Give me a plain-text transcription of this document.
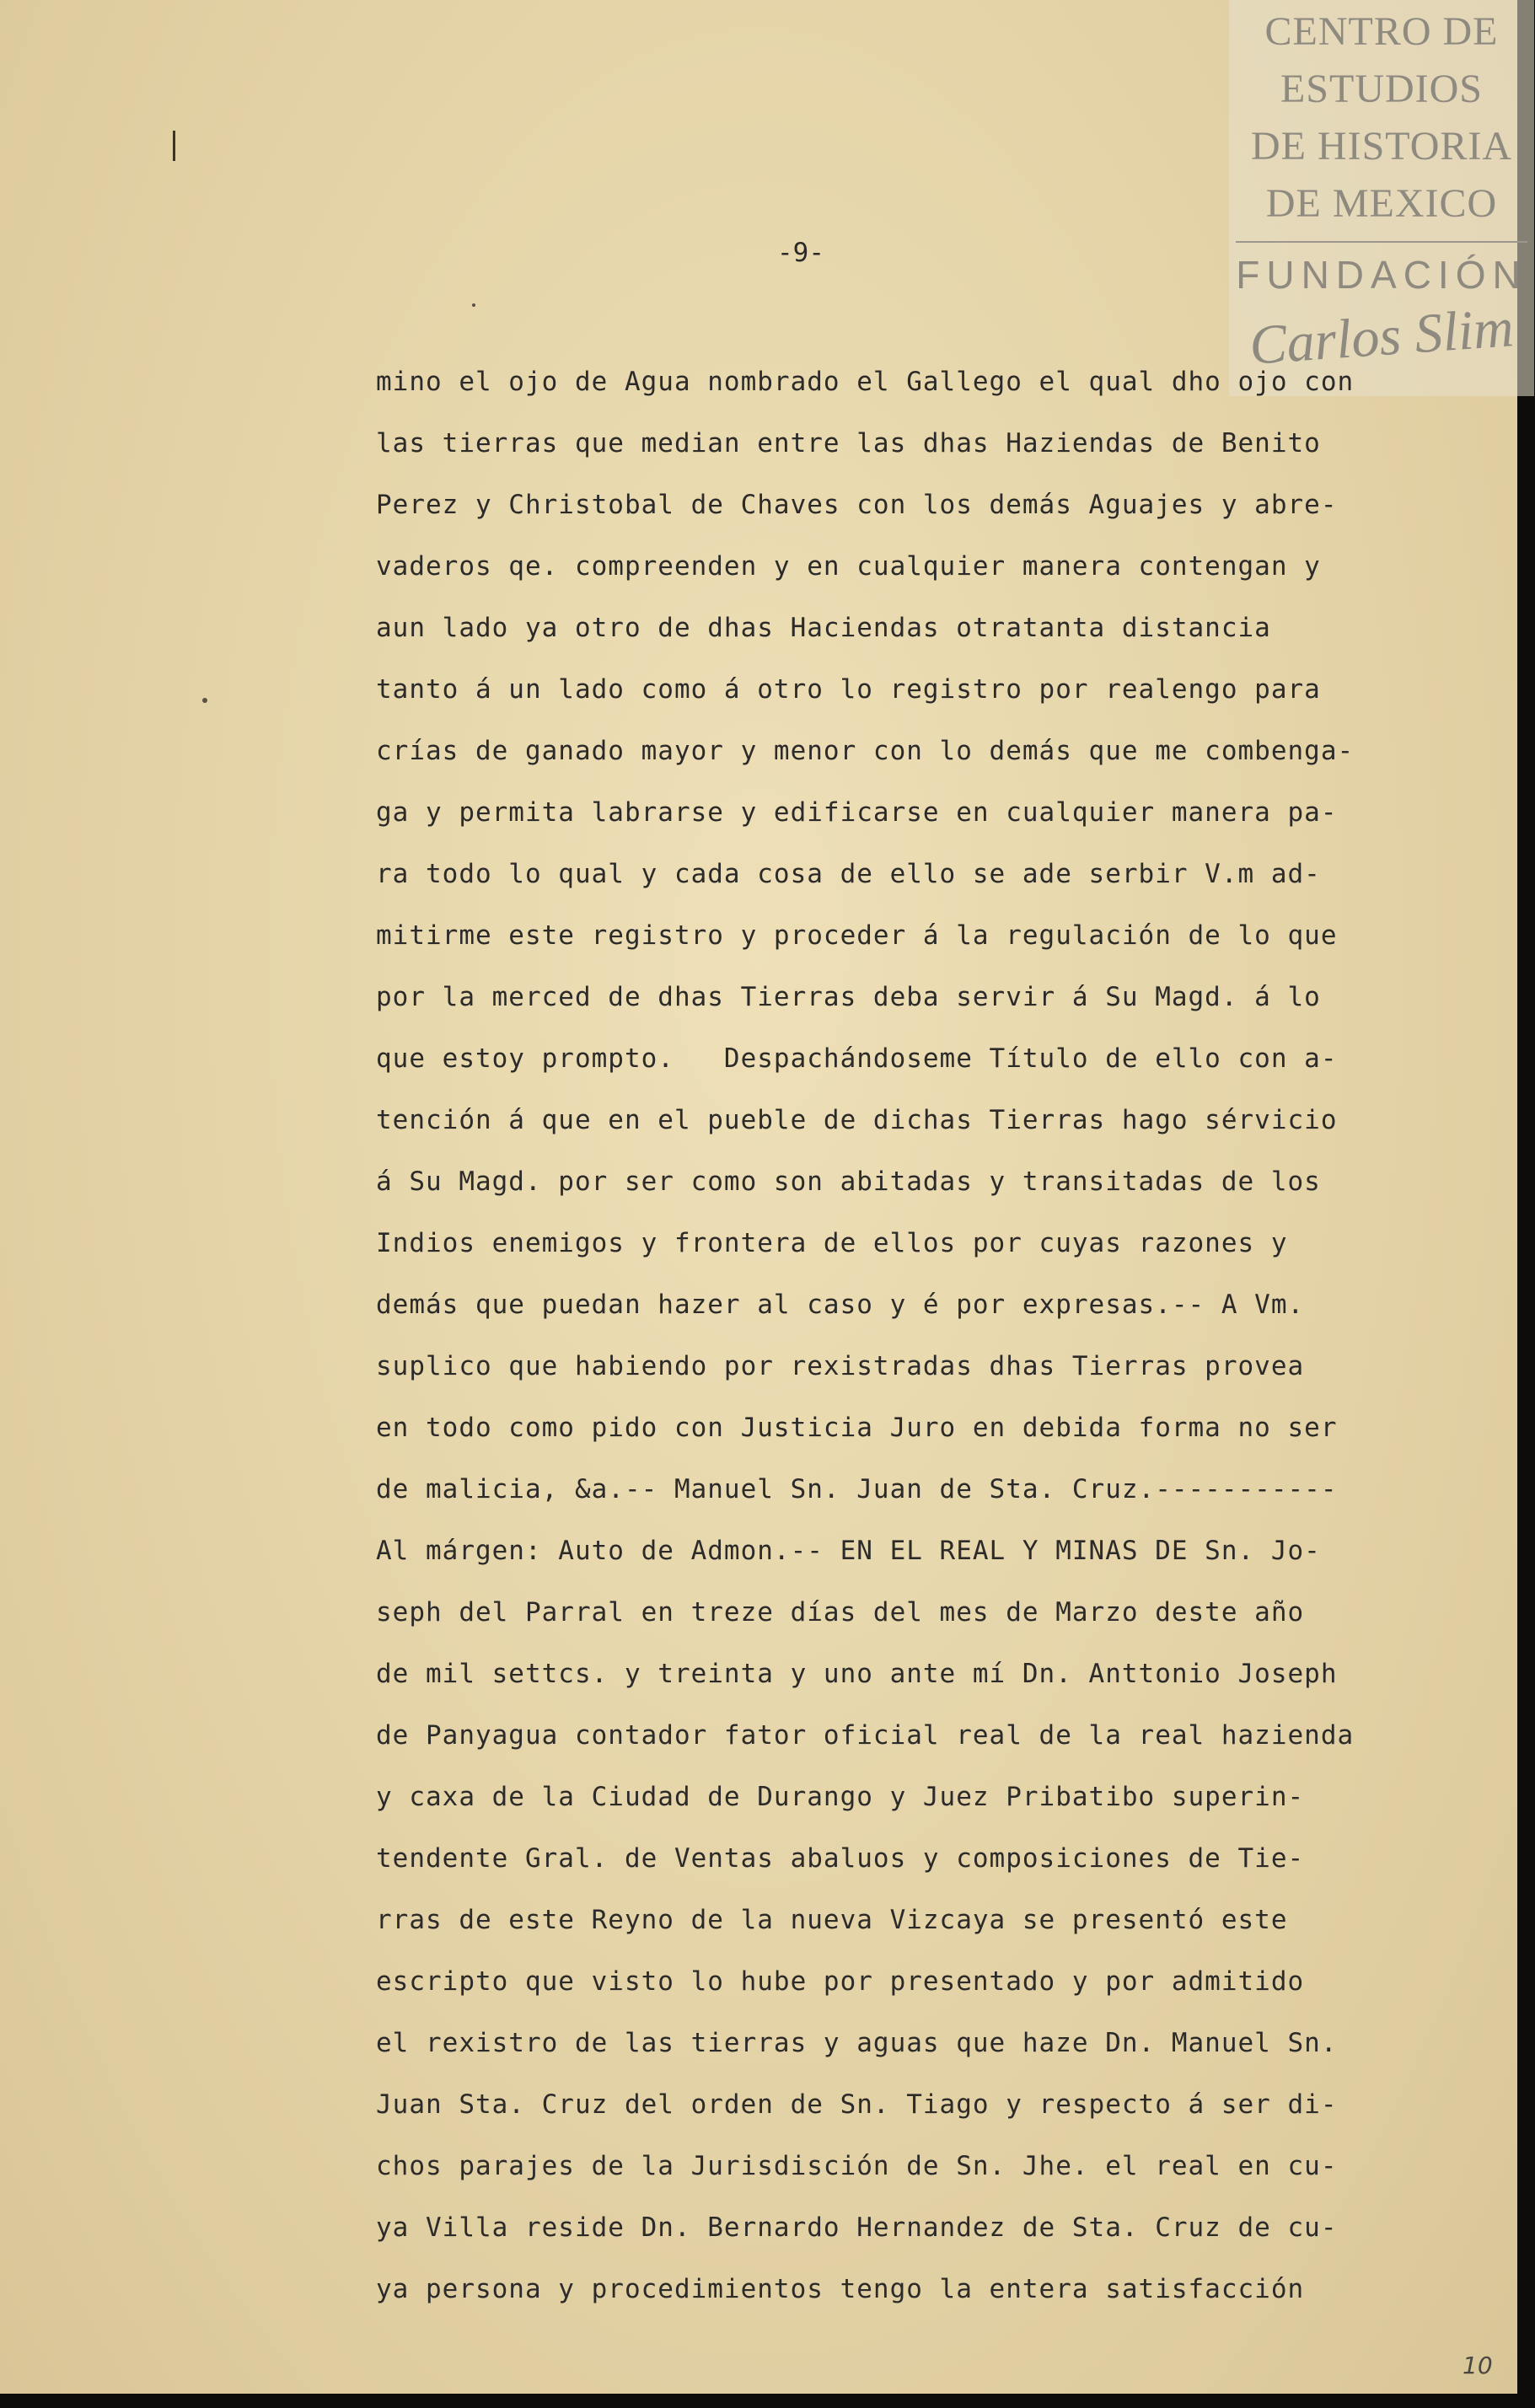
-9-
CENTRO DE
ESTUDIOS
DE HISTORIA
DE MEXICO
FUNDACIÓN
Carlos Slim
mino el ojo de Agua nombrado el Gallego el qual dho ojo con
las tierras que median entre las dhas Haziendas de Benito
Perez y Christobal de Chaves con los demás Aguajes y abre-
vaderos qe. compreenden y en cualquier manera contengan y
aun lado ya otro de dhas Haciendas otratanta distancia
tanto á un lado como á otro lo registro por realengo para
crías de ganado mayor y menor con lo demás que me combenga-
ga y permita labrarse y edificarse en cualquier manera pa-
ra todo lo qual y cada cosa de ello se ade serbir V.m ad-
mitirme este registro y proceder á la regulación de lo que
por la merced de dhas Tierras deba servir á Su Magd. á lo
que estoy prompto.   Despachándoseme Título de ello con a-
tención á que en el pueble de dichas Tierras hago sérvicio
á Su Magd. por ser como son abitadas y transitadas de los
Indios enemigos y frontera de ellos por cuyas razones y
demás que puedan hazer al caso y é por expresas.-- A Vm.
suplico que habiendo por rexistradas dhas Tierras provea
en todo como pido con Justicia Juro en debida forma no ser
de malicia, &a.-- Manuel Sn. Juan de Sta. Cruz.-----------
Al márgen: Auto de Admon.-- EN EL REAL Y MINAS DE Sn. Jo-
seph del Parral en treze días del mes de Marzo deste año
de mil settcs. y treinta y uno ante mí Dn. Anttonio Joseph
de Panyagua contador fator oficial real de la real hazienda
y caxa de la Ciudad de Durango y Juez Pribatibo superin-
tendente Gral. de Ventas abaluos y composiciones de Tie-
rras de este Reyno de la nueva Vizcaya se presentó este
escripto que visto lo hube por presentado y por admitido
el rexistro de las tierras y aguas que haze Dn. Manuel Sn.
Juan Sta. Cruz del orden de Sn. Tiago y respecto á ser di-
chos parajes de la Jurisdisción de Sn. Jhe. el real en cu-
ya Villa reside Dn. Bernardo Hernandez de Sta. Cruz de cu-
ya persona y procedimientos tengo la entera satisfacción
10
